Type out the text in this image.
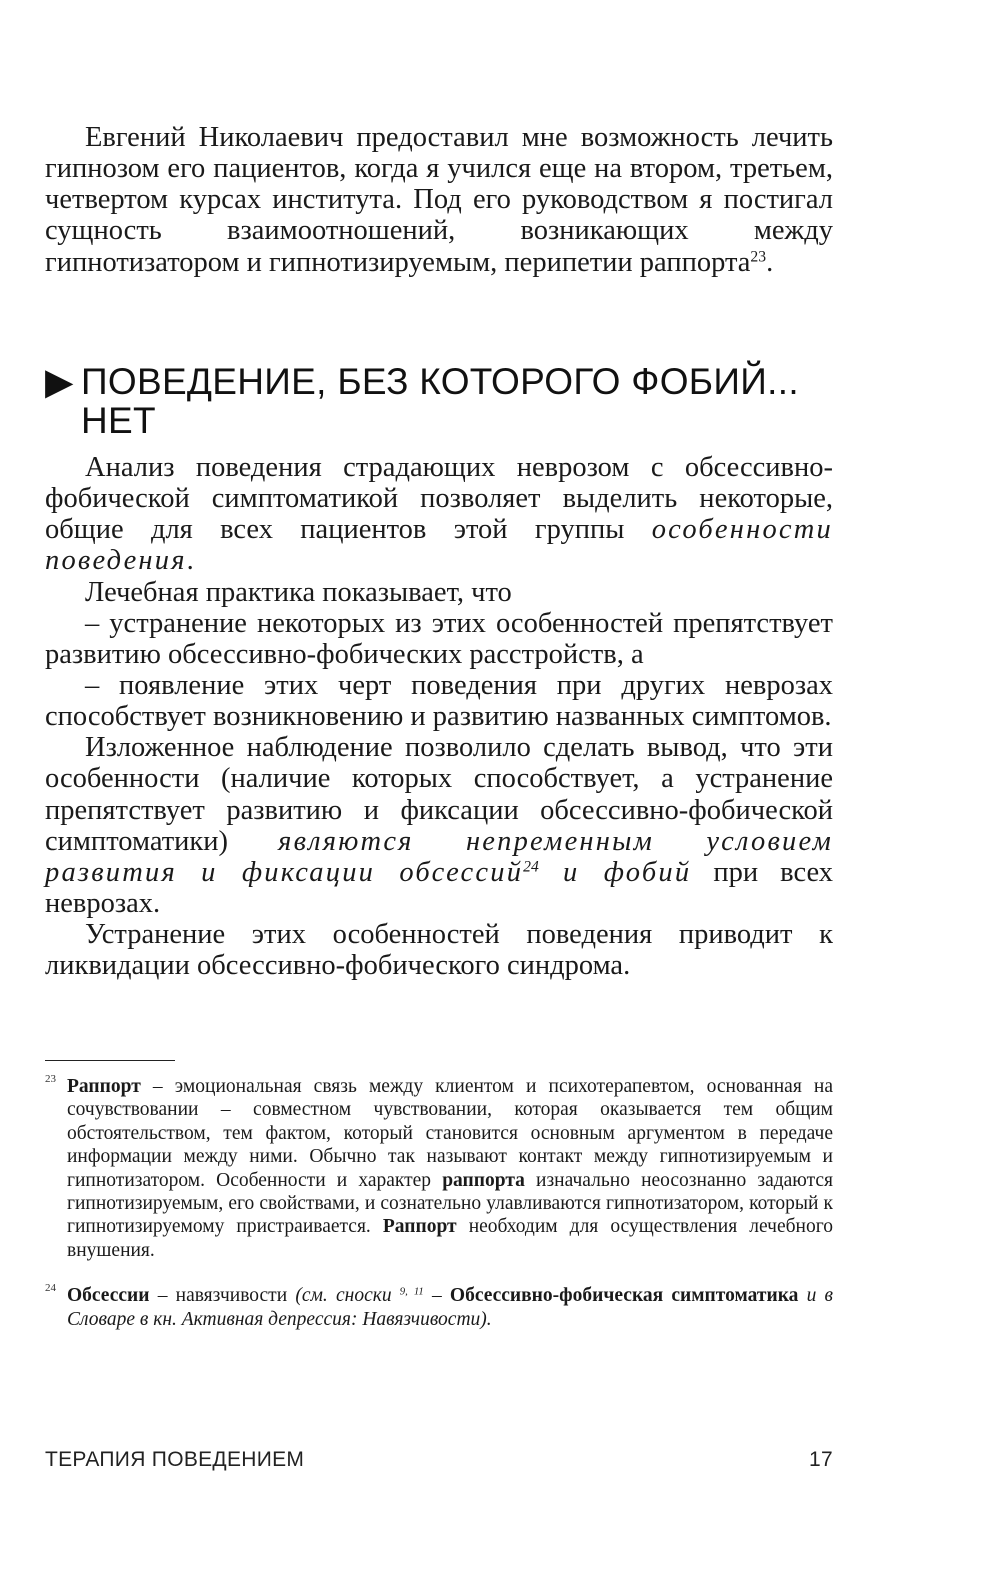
Евгений Николаевич предоставил мне возможность лечить гипнозом его пациентов, когда я учился еще на втором, третьем, четвертом курсах института. Под его руководством я постигал сущность взаимоотношений, возникающих между гипнотизатором и гипнотизируемым, перипетии раппорта$^{23}$.

▶ ПОВЕДЕНИЕ, БЕЗ КОТОРОГО ФОБИЙ...
НЕТ

Анализ поведения страдающих неврозом с обсессивно-фобической симптоматикой позволяет выделить некоторые, общие для всех пациентов этой группы особенности поведения.

Лечебная практика показывает, что

– устранение некоторых из этих особенностей препятствует развитию обсессивно-фобических расстройств, а

– появление этих черт поведения при других неврозах способствует возникновению и развитию названных симптомов.

Изложенное наблюдение позволило сделать вывод, что эти особенности (наличие которых способствует, а устранение препятствует развитию и фиксации обсессивно-фобической симптоматики) являются непременным условием развития и фиксации обсессий$^{24}$ и фобий при всех неврозах.

Устранение этих особенностей поведения приводит к ликвидации обсессивно-фобического синдрома.

23 Раппорт – эмоциональная связь между клиентом и психотерапевтом, основанная на сочувствовании – совместном чувствовании, которая оказывается тем общим обстоятельством, тем фактом, который становится основным аргументом в передаче информации между ними. Обычно так называют контакт между гипнотизируемым и гипнотизатором. Особенности и характер раппорта изначально неосознанно задаются гипнотизируемым, его свойствами, и сознательно улавливаются гипнотизатором, который к гипнотизируемому пристраивается. Раппорт необходим для осуществления лечебного внушения.

24 Обсессии – навязчивости (см. сноски $^{9, 11}$ – Обсессивно-фобическая симптоматика и в Словаре в кн. Активная депрессия: Навязчивости).

ТЕРАПИЯ ПОВЕДЕНИЕМ	17
